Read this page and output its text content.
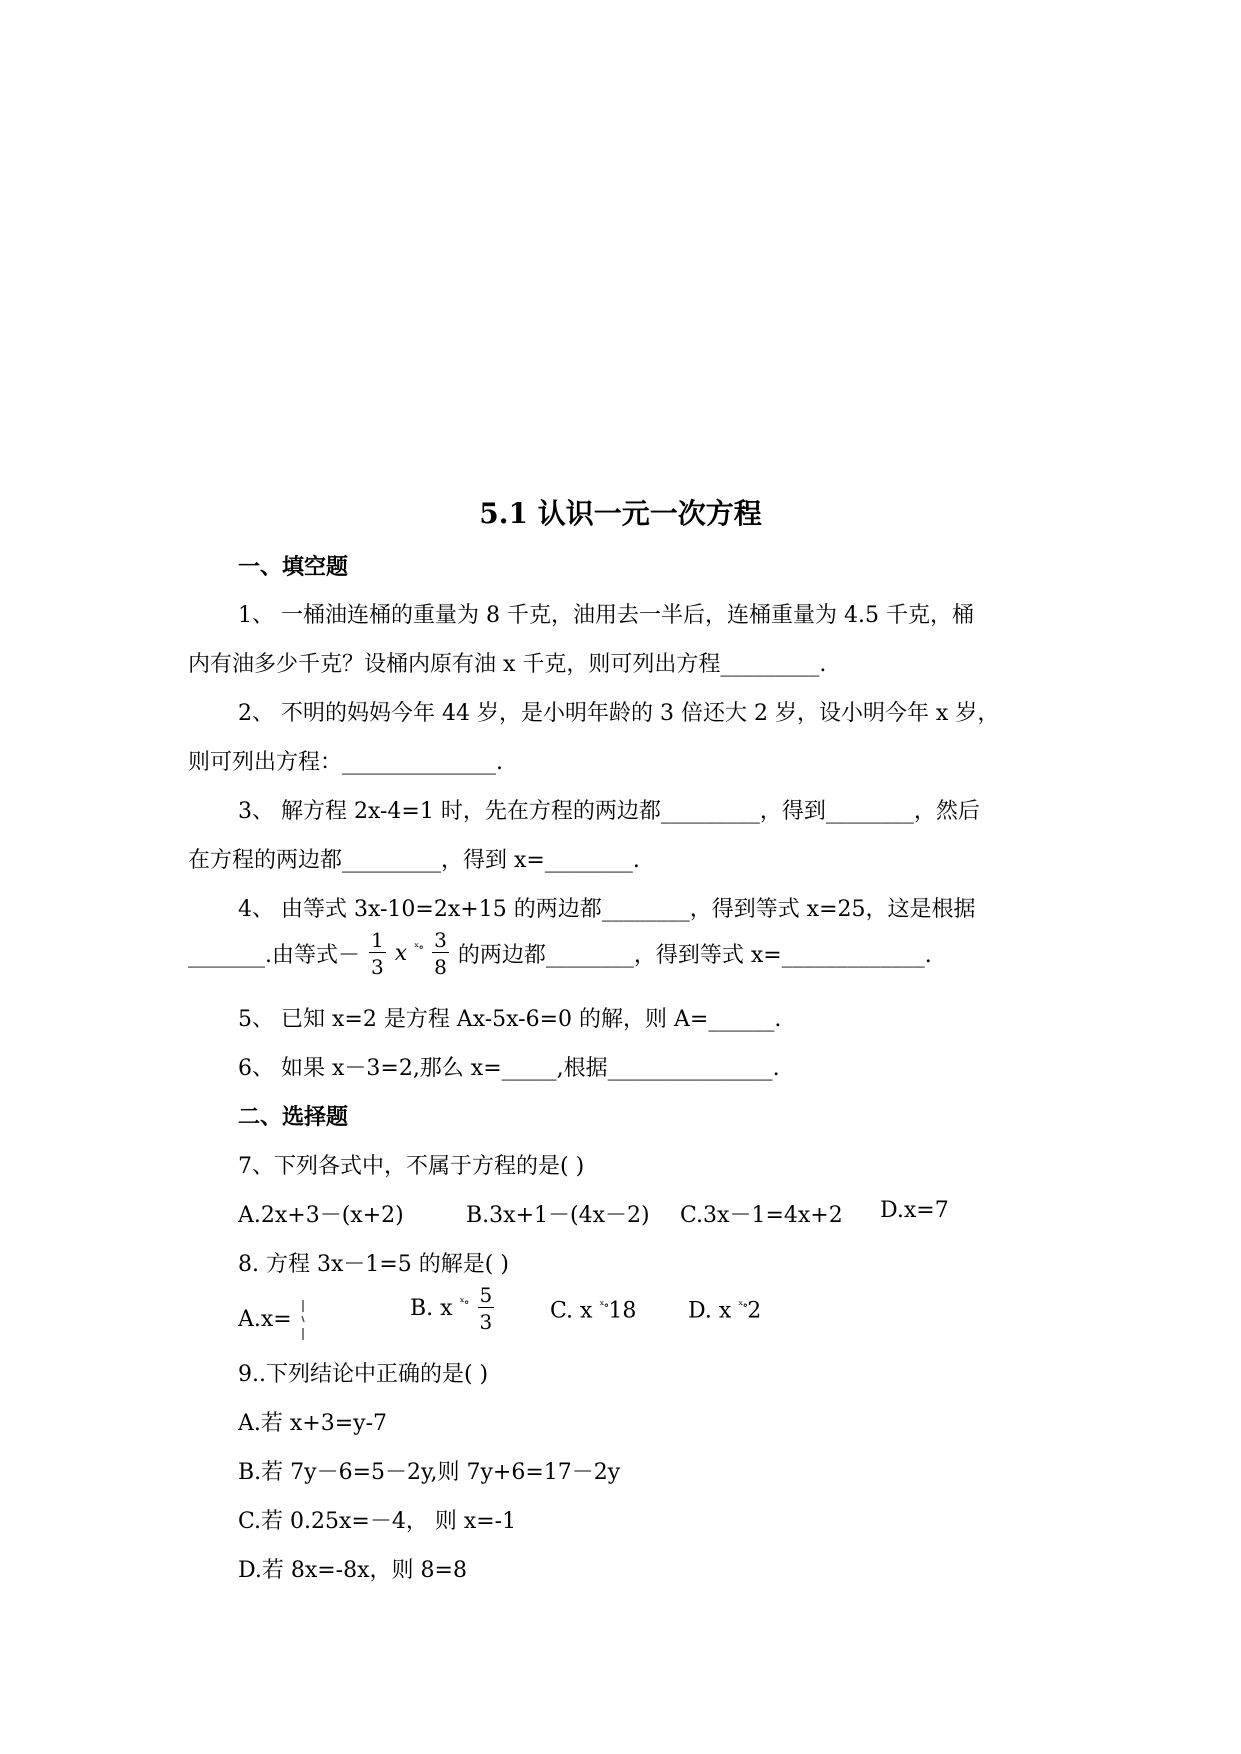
5.1 认识一元一次方程
一、填空题
1、 一桶油连桶的重量为 8 千克，油用去一半后，连桶重量为 4.5 千克，桶
内有油多少千克？设桶内原有油 x 千克，则可列出方程_________.
2、 不明的妈妈今年 44 岁，是小明年龄的 3 倍还大 2 岁，设小明今年 x 岁，
则可列出方程：______________.
3、 解方程 2x-4=1 时，先在方程的两边都_________，得到________，然后
在方程的两边都_________，得到 x=________.
4、 由等式 3x-10=2x+15 的两边都________，得到等式 x=25，这是根据
_______.由等式－ $\frac{1}{3}$ x $^{ˣ\circ} \frac{3}{8}$ 的两边都________，得到等式 x=_____________.
5、 已知 x=2 是方程 Ax-5x-6=0 的解，则 A=______.
6、 如果 x－3=2,那么 x=_____,根据_______________.
二、选择题
7、下列各式中，不属于方程的是( )
A.2x+3－(x+2)	B.3x+1－(4x－2) C.3x－1=4x+2 D.x=7
8. 方程 3x－1=5 的解是( )
A.x=	B. x $^{ˣ\circ} \frac{5}{3}$	C. x $^{ˣ\circ}$18 D. x $^{ˣ\circ}$2
9..下列结论中正确的是( )
A.若 x+3=y-7
B.若 7y－6=5－2y,则 7y+6=17－2y
C.若 0.25x=－4， 则 x=-1
D.若 8x=-8x，则 8=8
